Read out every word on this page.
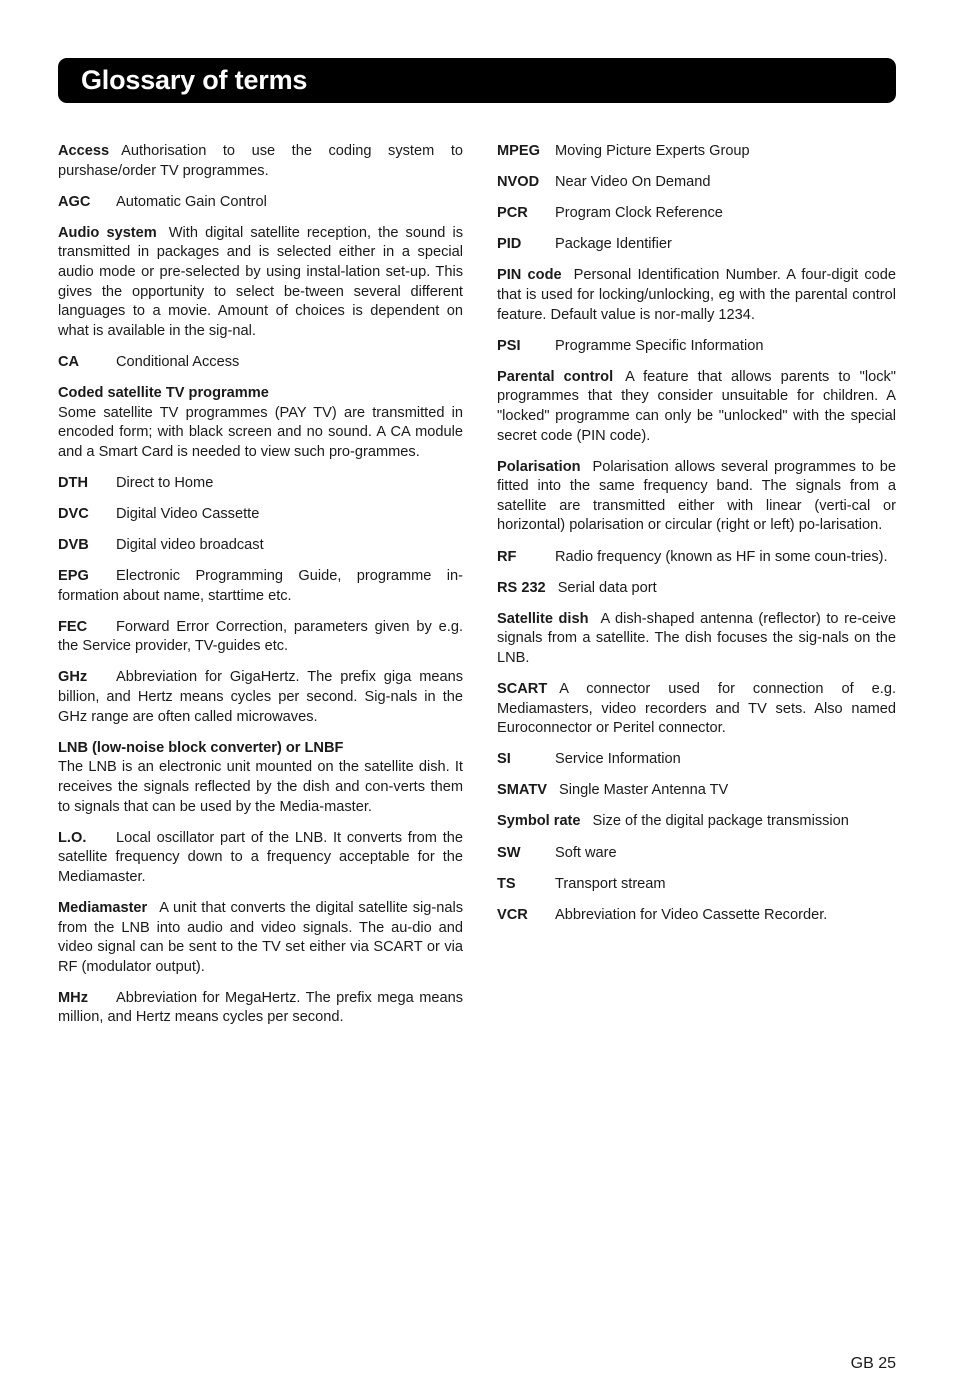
Glossary of terms

Access Authorisation to use the coding system to purshase/order TV programmes.

AGC Automatic Gain Control

Audio system With digital satellite reception, the sound is transmitted in packages and is selected either in a special audio mode or pre-selected by using instal-lation set-up. This gives the opportunity to select be-tween several different languages to a movie. Amount of choices is dependent on what is available in the sig-nal.

CA	Conditional Access

Coded satellite TV programme
Some satellite TV programmes (PAY TV) are transmitted in encoded form; with black screen and no sound. A CA module and a Smart Card is needed to view such pro-grammes.

DTH Direct to Home

DVC Digital Video Cassette

DVB Digital video broadcast

EPG Electronic Programming Guide, programme in-formation about name, starttime etc.

FEC Forward Error Correction, parameters given by e.g. the Service provider, TV-guides etc.

GHz Abbreviation for GigaHertz. The prefix giga means billion, and Hertz means cycles per second. Sig-nals in the GHz range are often called microwaves.

LNB (low-noise block converter) or LNBF
The LNB is an electronic unit mounted on the satellite dish. It receives the signals reflected by the dish and con-verts them to signals that can be used by the Media-master.

L.O. Local oscillator part of the LNB. It converts from the satellite frequency down to a frequency acceptable for the Mediamaster.

Mediamaster A unit that converts the digital satellite sig-nals from the LNB into audio and video signals. The au-dio and video signal can be sent to the TV set either via SCART or via RF (modulator output).

MHz Abbreviation for MegaHertz. The prefix mega means million, and Hertz means cycles per second.

MPEG Moving Picture Experts Group

NVOD Near Video On Demand

PCR Program Clock Reference

PID Package Identifier

PIN code Personal Identification Number. A four-digit code that is used for locking/unlocking, eg with the parental control feature. Default value is nor-mally 1234.

PSI Programme Specific Information

Parental control A feature that allows parents to "lock" programmes that they consider unsuitable for children. A "locked" programme can only be "unlocked" with the special secret code (PIN code).

Polarisation Polarisation allows several programmes to be fitted into the same frequency band. The signals from a satellite are transmitted either with linear (verti-cal or horizontal) polarisation or circular (right or left) po-larisation.

RF	Radio frequency (known as HF in some coun-tries).

RS 232 Serial data port

Satellite dish A dish-shaped antenna (reflector) to re-ceive signals from a satellite. The dish focuses the sig-nals on the LNB.

SCART A connector used for connection of e.g. Mediamasters, video recorders and TV sets. Also named Euroconnector or Peritel connector.

SI	Service Information

SMATV Single Master Antenna TV

Symbol rate Size of the digital package transmission

SW Soft ware

TS	Transport stream

VCR Abbreviation for Video Cassette Recorder.

GB 25
